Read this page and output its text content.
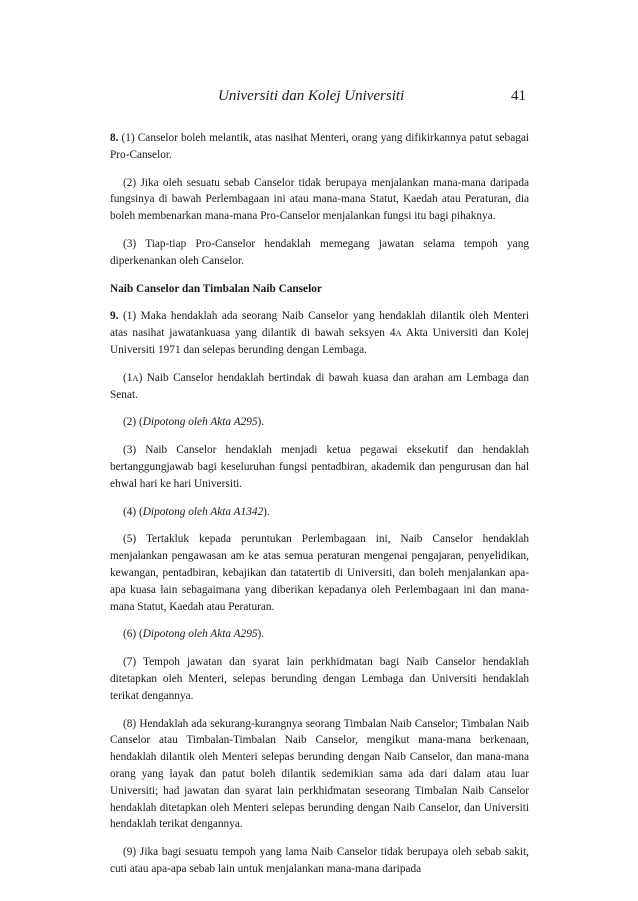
Universiti dan Kolej Universiti	41

8. (1) Canselor boleh melantik, atas nasihat Menteri, orang yang difikirkannya patut sebagai Pro-Canselor.

(2) Jika oleh sesuatu sebab Canselor tidak berupaya menjalankan mana-mana daripada fungsinya di bawah Perlembagaan ini atau mana-mana Statut, Kaedah atau Peraturan, dia boleh membenarkan mana-mana Pro-Canselor menjalankan fungsi itu bagi pihaknya.

(3) Tiap-tiap Pro-Canselor hendaklah memegang jawatan selama tempoh yang diperkenankan oleh Canselor.

Naib Canselor dan Timbalan Naib Canselor

9. (1) Maka hendaklah ada seorang Naib Canselor yang hendaklah dilantik oleh Menteri atas nasihat jawatankuasa yang dilantik di bawah seksyen 4A Akta Universiti dan Kolej Universiti 1971 dan selepas berunding dengan Lembaga.

(1A) Naib Canselor hendaklah bertindak di bawah kuasa dan arahan am Lembaga dan Senat.

(2) (Dipotong oleh Akta A295).

(3) Naib Canselor hendaklah menjadi ketua pegawai eksekutif dan hendaklah bertanggungjawab bagi keseluruhan fungsi pentadbiran, akademik dan pengurusan dan hal ehwal hari ke hari Universiti.

(4) (Dipotong oleh Akta A1342).

(5) Tertakluk kepada peruntukan Perlembagaan ini, Naib Canselor hendaklah menjalankan pengawasan am ke atas semua peraturan mengenai pengajaran, penyelidikan, kewangan, pentadbiran, kebajikan dan tatatertib di Universiti, dan boleh menjalankan apa-apa kuasa lain sebagaimana yang diberikan kepadanya oleh Perlembagaan ini dan mana-mana Statut, Kaedah atau Peraturan.

(6) (Dipotong oleh Akta A295).

(7) Tempoh jawatan dan syarat lain perkhidmatan bagi Naib Canselor hendaklah ditetapkan oleh Menteri, selepas berunding dengan Lembaga dan Universiti hendaklah terikat dengannya.

(8) Hendaklah ada sekurang-kurangnya seorang Timbalan Naib Canselor; Timbalan Naib Canselor atau Timbalan-Timbalan Naib Canselor, mengikut mana-mana berkenaan, hendaklah dilantik oleh Menteri selepas berunding dengan Naib Canselor, dan mana-mana orang yang layak dan patut boleh dilantik sedemikian sama ada dari dalam atau luar Universiti; had jawatan dan syarat lain perkhidmatan seseorang Timbalan Naib Canselor hendaklah ditetapkan oleh Menteri selepas berunding dengan Naib Canselor, dan Universiti hendaklah terikat dengannya.

(9) Jika bagi sesuatu tempoh yang lama Naib Canselor tidak berupaya oleh sebab sakit, cuti atau apa-apa sebab lain untuk menjalankan mana-mana daripada
